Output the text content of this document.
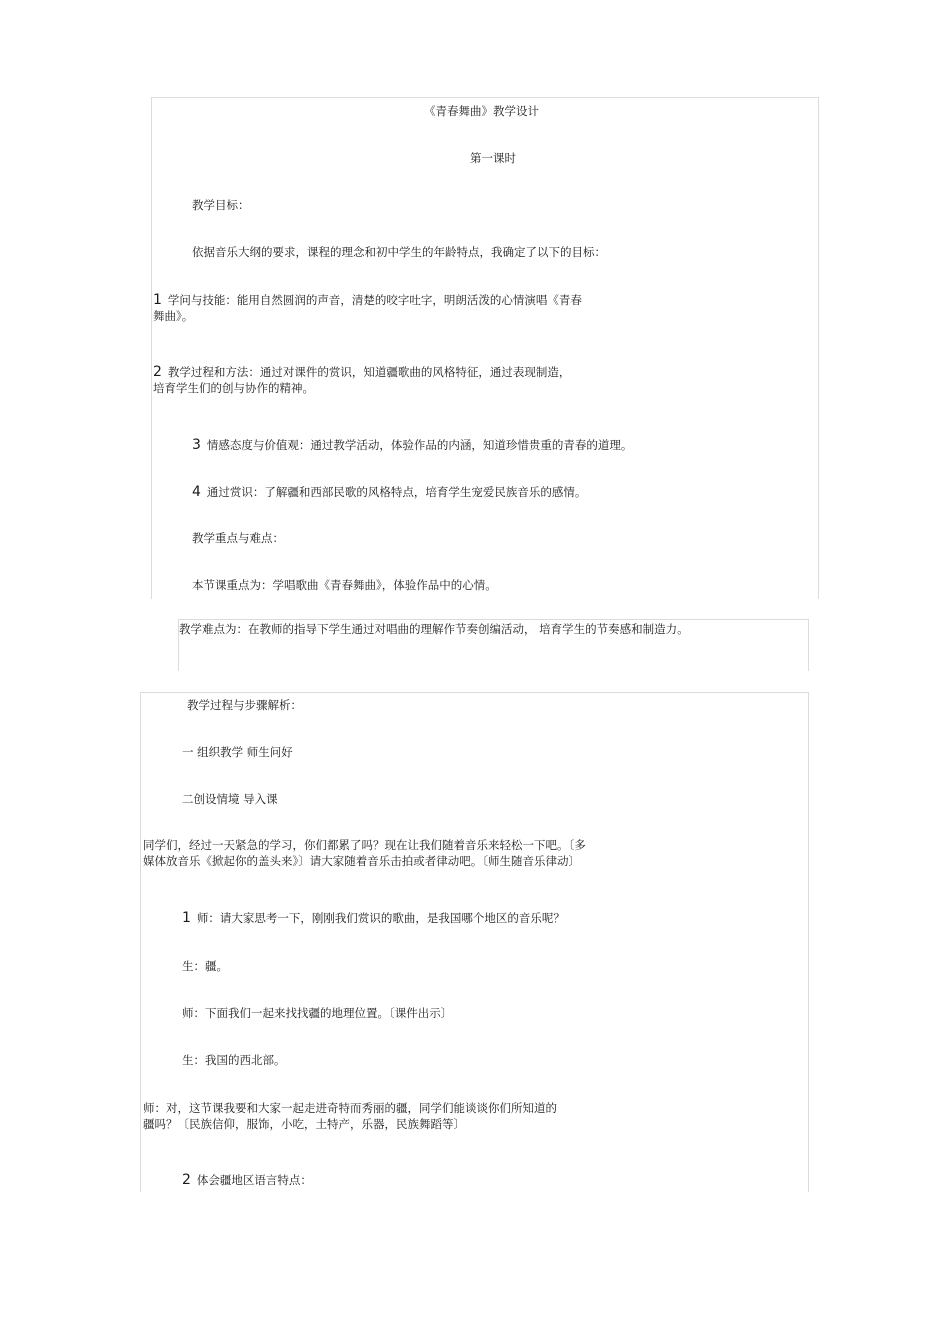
《青春舞曲》教学设计
第一课时
教学目标：
依据音乐大纲的要求，课程的理念和初中学生的年龄特点，我确定了以下的目标：
1 学问与技能：能用自然圆润的声音，清楚的咬字吐字，明朗活泼的心情演唱《青春
舞曲》。
2 教学过程和方法：通过对课件的赏识，知道疆歌曲的风格特征，通过表现制造，
培育学生们的创与协作的精神。
3 情感态度与价值观：通过教学活动，体验作品的内涵，知道珍惜贵重的青春的道理。
4 通过赏识：了解疆和西部民歌的风格特点，培育学生宠爱民族音乐的感情。
教学重点与难点：
本节课重点为：学唱歌曲《青春舞曲》，体验作品中的心情。
教学难点为：在教师的指导下学生通过对唱曲的理解作节奏创编活动， 培育学生的节奏感和制造力。
教学过程与步骤解析：
一 组织教学 师生问好
二创设情境 导入课
同学们，经过一天紧急的学习，你们都累了吗？现在让我们随着音乐来轻松一下吧。〔多
媒体放音乐《掀起你的盖头来》〕请大家随着音乐击拍或者律动吧。〔师生随音乐律动〕
1 师：请大家思考一下，刚刚我们赏识的歌曲，是我国哪个地区的音乐呢？
生：疆。
师：下面我们一起来找找疆的地理位置。〔课件出示〕
生：我国的西北部。
师：对，这节课我要和大家一起走进奇特而秀丽的疆，同学们能谈谈你们所知道的
疆吗？〔民族信仰，服饰，小吃，土特产，乐器，民族舞蹈等〕
2 体会疆地区语言特点：
